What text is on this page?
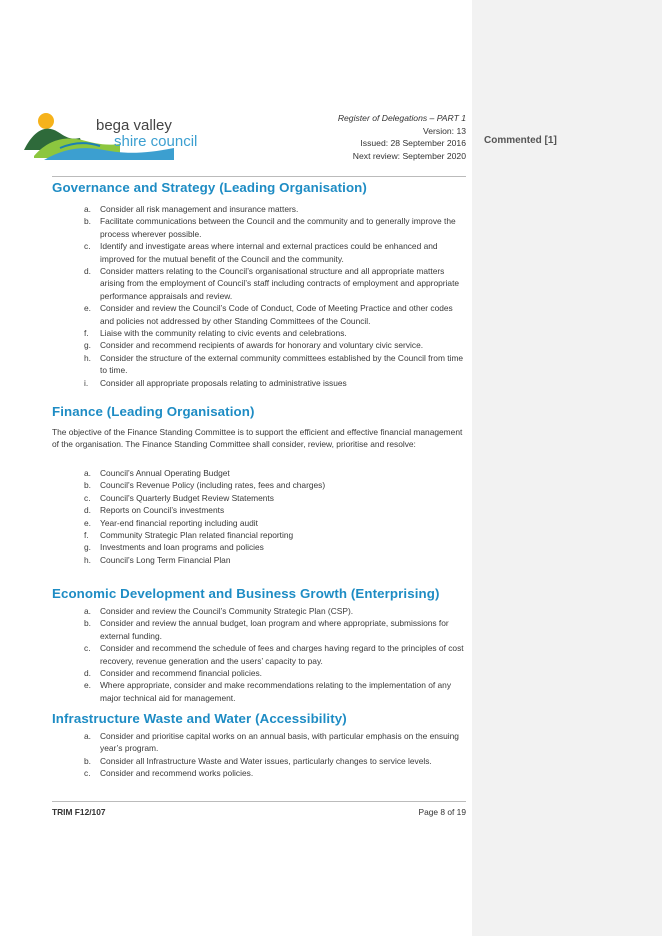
bega valley
shire council
Register of Delegations – PART 1
Version: 13
Issued: 28 September 2016
Next review: September 2020
Governance and Strategy (Leading Organisation)
a. Consider all risk management and insurance matters.
b. Facilitate communications between the Council and the community and to generally improve the process wherever possible.
c. Identify and investigate areas where internal and external practices could be enhanced and improved for the mutual benefit of the Council and the community.
d. Consider matters relating to the Council’s organisational structure and all appropriate matters arising from the employment of Council’s staff including contracts of employment and appropriate performance appraisals and review.
e. Consider and review the Council’s Code of Conduct, Code of Meeting Practice and other codes and policies not addressed by other Standing Committees of the Council.
f. Liaise with the community relating to civic events and celebrations.
g. Consider and recommend recipients of awards for honorary and voluntary civic service.
h. Consider the structure of the external community committees established by the Council from time to time.
i. Consider all appropriate proposals relating to administrative issues
Finance (Leading Organisation)

The objective of the Finance Standing Committee is to support the efficient and effective financial management of the organisation. The Finance Standing Committee shall consider, review, prioritise and resolve:

a. Council’s Annual Operating Budget
b. Council’s Revenue Policy (including rates, fees and charges)
c. Council’s Quarterly Budget Review Statements
d. Reports on Council’s investments
e. Year-end financial reporting including audit
f. Community Strategic Plan related financial reporting
g. Investments and loan programs and policies
h. Council’s Long Term Financial Plan
Economic Development and Business Growth (Enterprising)
a. Consider and review the Council’s Community Strategic Plan (CSP).
b. Consider and review the annual budget, loan program and where appropriate, submissions for external funding.
c. Consider and recommend the schedule of fees and charges having regard to the principles of cost recovery, revenue generation and the users’ capacity to pay.
d. Consider and recommend financial policies.
e. Where appropriate, consider and make recommendations relating to the implementation of any major technical aid for management.
Infrastructure Waste and Water (Accessibility)
a. Consider and prioritise capital works on an annual basis, with particular emphasis on the ensuing year’s program.
b. Consider all Infrastructure Waste and Water issues, particularly changes to service levels.
c. Consider and recommend works policies.
TRIM F12/107	Page 8 of 19
Commented [1]
